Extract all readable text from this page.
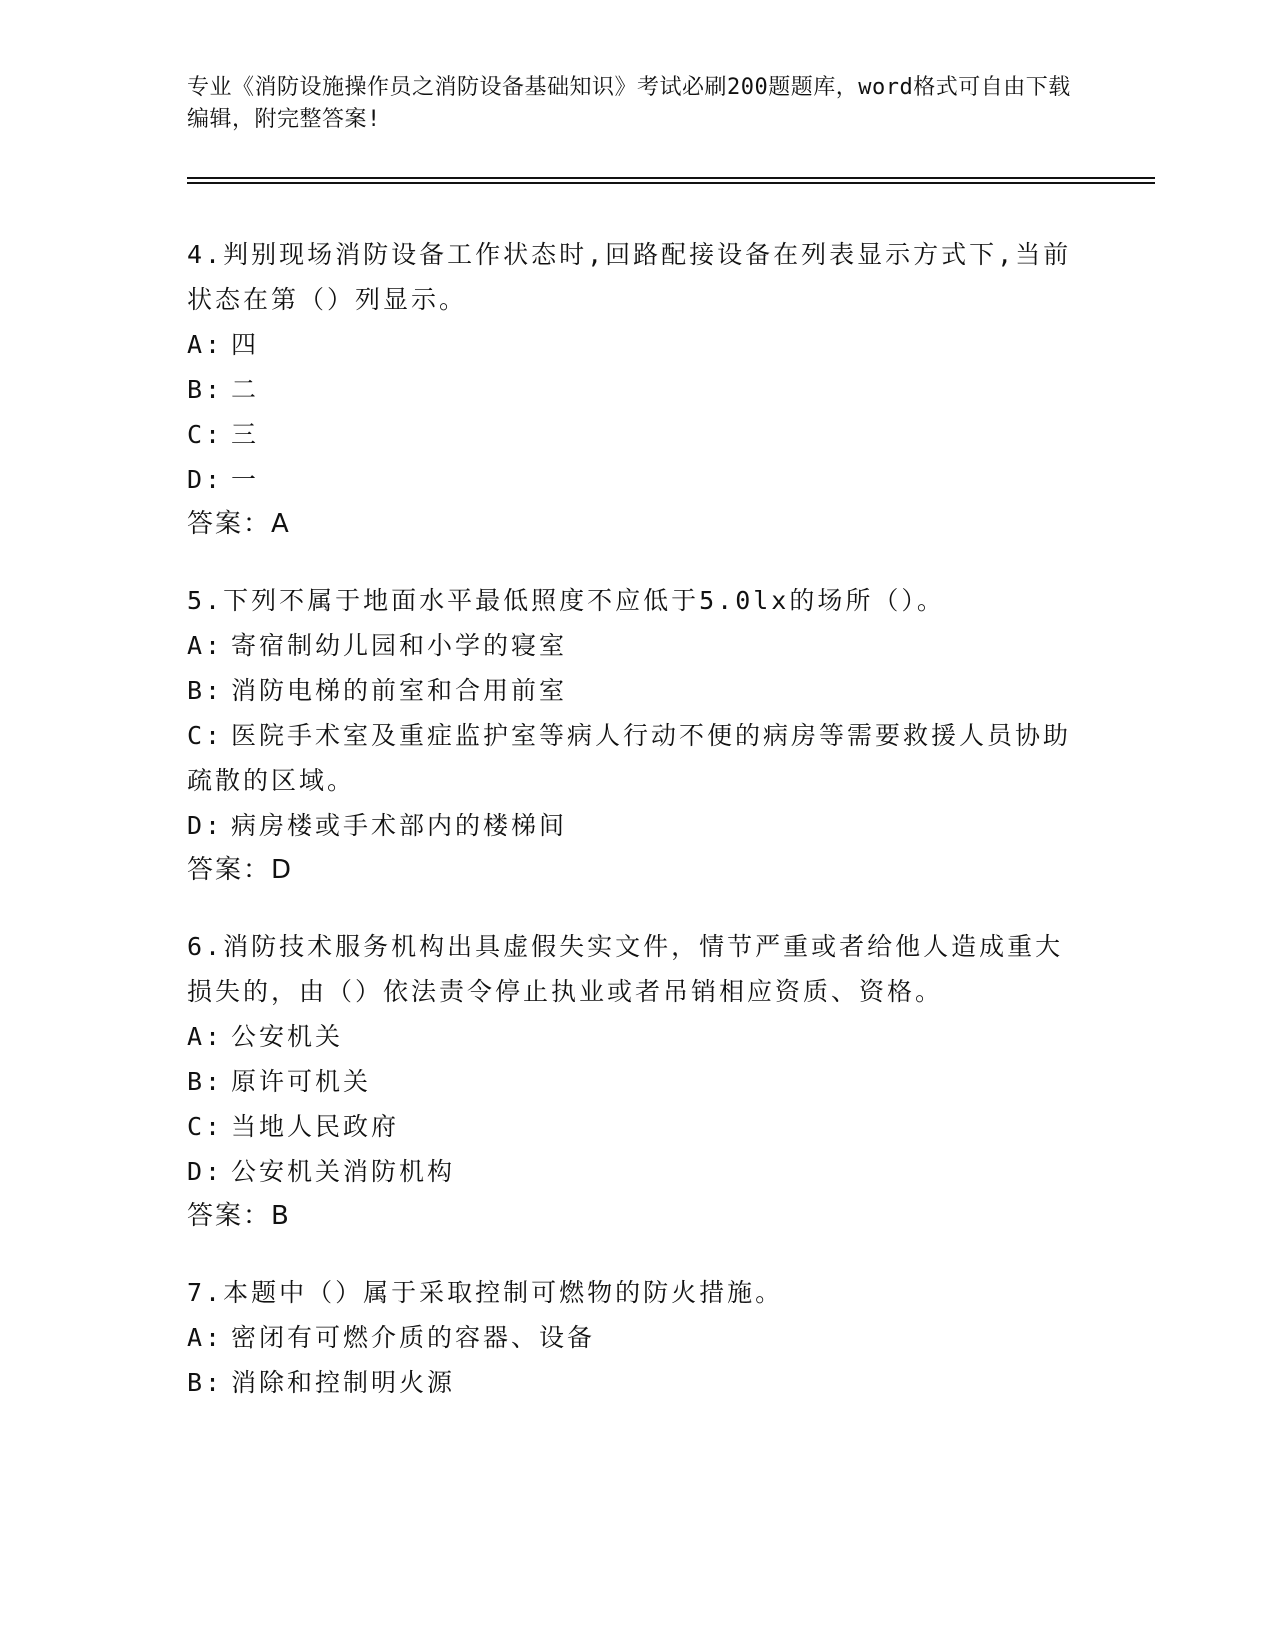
专业《消防设施操作员之消防设备基础知识》考试必刷200题题库，word格式可自由下载编辑，附完整答案!
4.判别现场消防设备工作状态时,回路配接设备在列表显示方式下,当前状态在第（）列显示。
A: 四
B: 二
C: 三
D: 一
答案：A
5.下列不属于地面水平最低照度不应低于5.0lx的场所（）。
A: 寄宿制幼儿园和小学的寝室
B: 消防电梯的前室和合用前室
C: 医院手术室及重症监护室等病人行动不便的病房等需要救援人员协助疏散的区域。
D: 病房楼或手术部内的楼梯间
答案：D
6.消防技术服务机构出具虚假失实文件，情节严重或者给他人造成重大损失的，由（）依法责令停止执业或者吊销相应资质、资格。
A: 公安机关
B: 原许可机关
C: 当地人民政府
D: 公安机关消防机构
答案：B
7.本题中（）属于采取控制可燃物的防火措施。
A: 密闭有可燃介质的容器、设备
B: 消除和控制明火源
